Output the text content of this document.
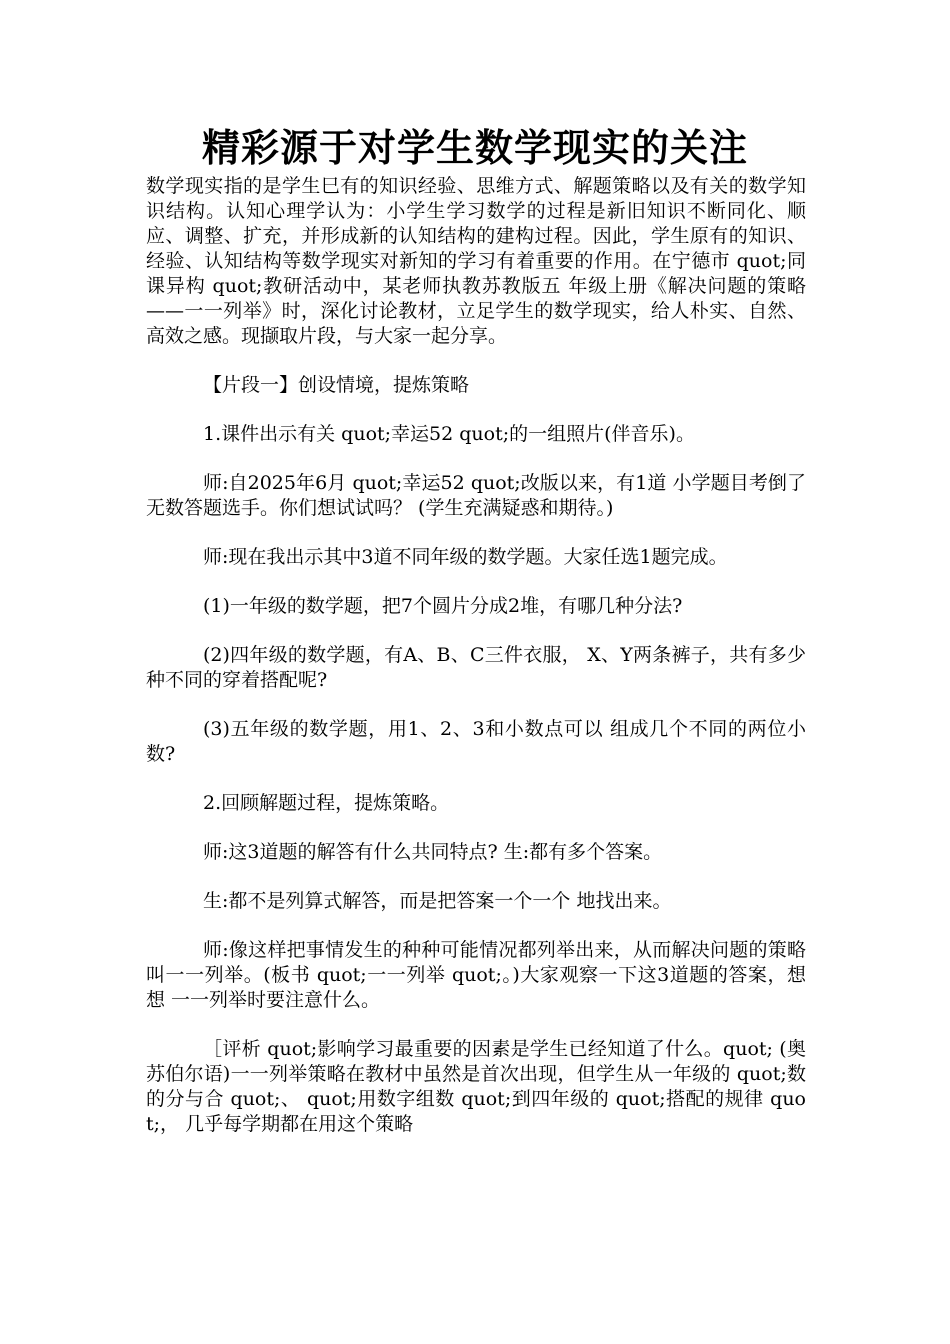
精彩源于对学生数学现实的关注

数学现实指的是学生巳有的知识经验、思维方式、解题策略以及有关的数学知识结构。认知心理学认为：小学生学习数学的过程是新旧知识不断同化、顺应、调整、扩充，并形成新的认知结构的建构过程。因此，学生原有的知识、经验、认知结构等数学现实对新知的学习有着重要的作用。在宁德市 quot;同课异构 quot;教研活动中，某老师执教苏教版五 年级上册《解决问题的策略——一一列举》时，深化讨论教材，立足学生的数学现实，给人朴实、自然、高效之感。现撷取片段，与大家一起分享。

【片段一】创设情境，提炼策略

1.课件出示有关 quot;幸运52 quot;的一组照片(伴音乐)。

师:自2025年6月 quot;幸运52 quot;改版以来，有1道 小学题目考倒了无数答题选手。你们想试试吗？ (学生充满疑惑和期待。)

师:现在我出示其中3道不同年级的数学题。大家任选1题完成。

(1)一年级的数学题，把7个圆片分成2堆，有哪几种分法?

(2)四年级的数学题，有A、B、C三件衣服， X、Y两条裤子，共有多少种不同的穿着搭配呢?

(3)五年级的数学题，用1、2、3和小数点可以 组成几个不同的两位小数?

2.回顾解题过程，提炼策略。

师:这3道题的解答有什么共同特点? 生:都有多个答案。

生:都不是列算式解答，而是把答案一个一个 地找出来。

师:像这样把事情发生的种种可能情况都列举出来，从而解决问题的策略叫一一列举。(板书 quot;一一列举 quot;。)大家观察一下这3道题的答案，想想 一一列举时要注意什么。

［评析 quot;影响学习最重要的因素是学生已经知道了什么。quot; (奥苏伯尔语)一一列举策略在教材中虽然是首次出现，但学生从一年级的 quot;数的分与合 quot;、 quot;用数字组数 quot;到四年级的 quot;搭配的规律 quot;， 几乎每学期都在用这个策略
